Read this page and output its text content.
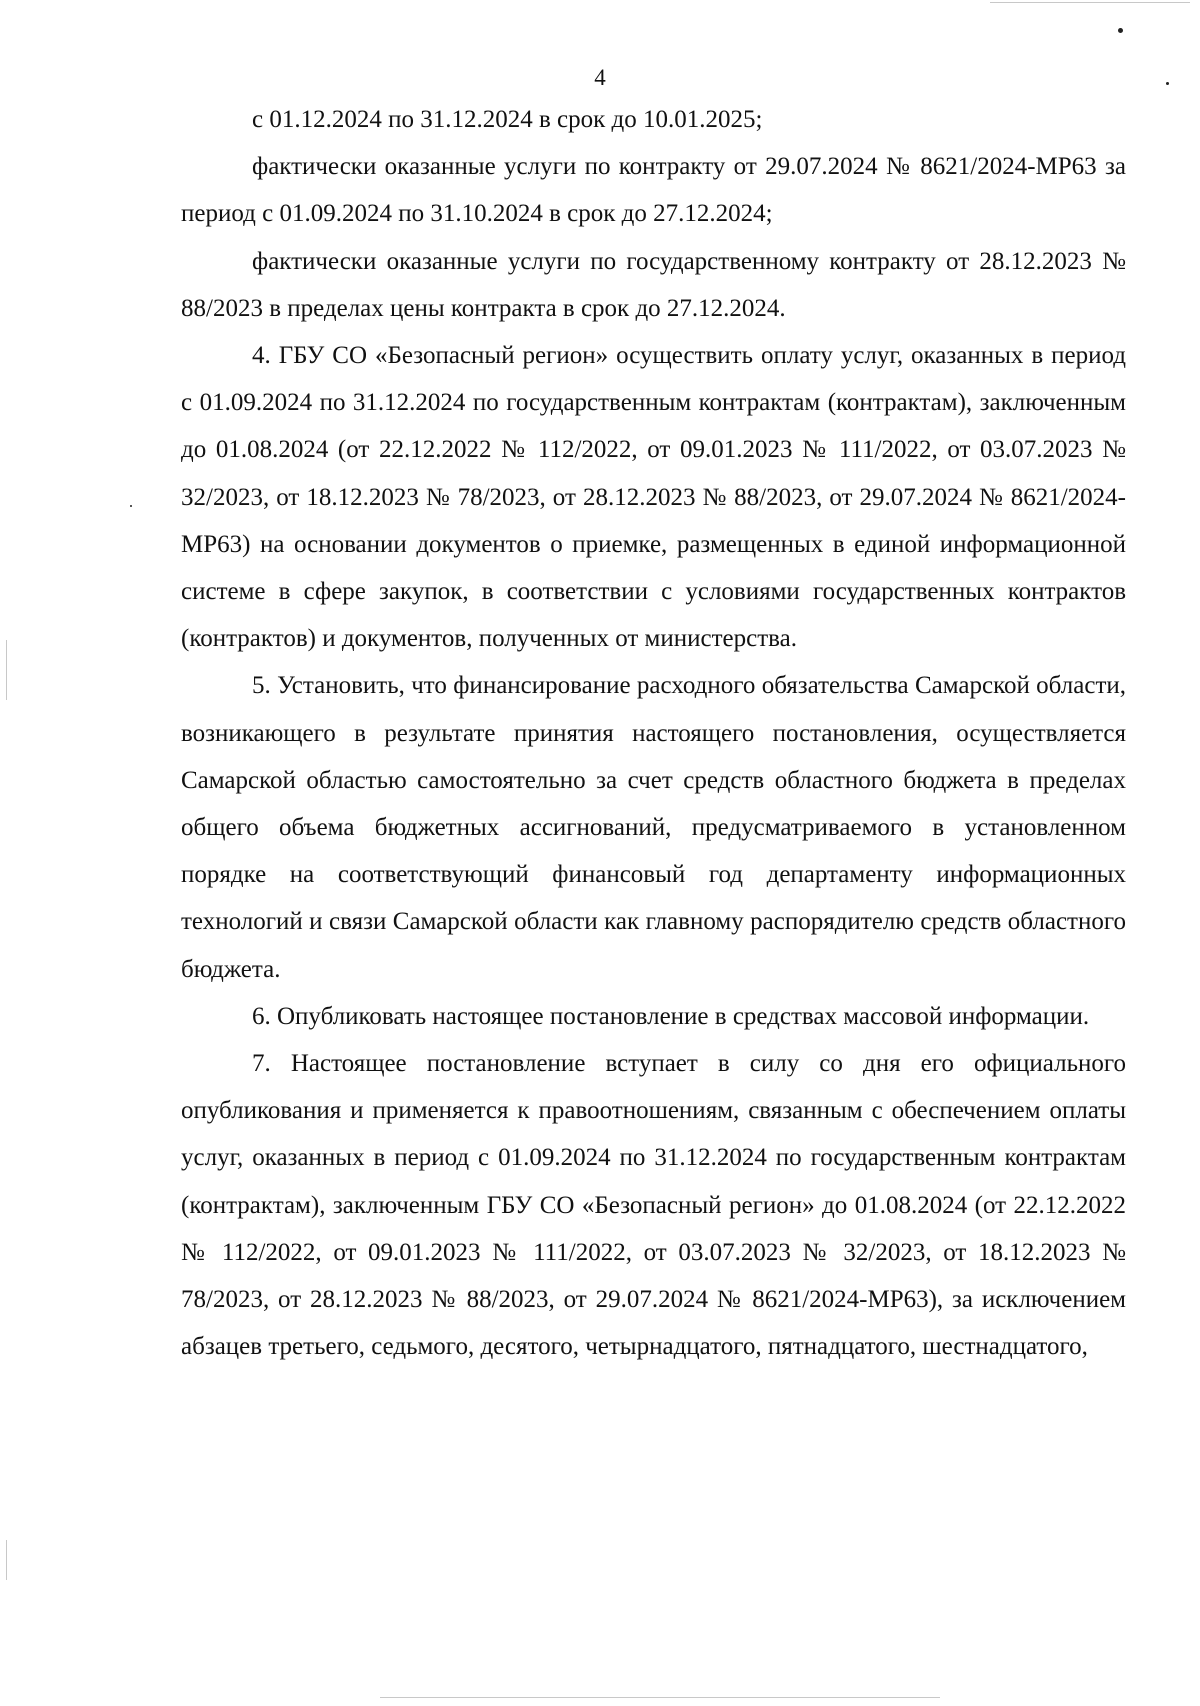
4

с 01.12.2024 по 31.12.2024 в срок до 10.01.2025;

фактически оказанные услуги по контракту от 29.07.2024 № 8621/2024-МР63 за период с 01.09.2024 по 31.10.2024 в срок до 27.12.2024;

фактически оказанные услуги по государственному контракту от 28.12.2023 № 88/2023 в пределах цены контракта в срок до 27.12.2024.

4. ГБУ СО «Безопасный регион» осуществить оплату услуг, оказанных в период с 01.09.2024 по 31.12.2024 по государственным контрактам (контрактам), заключенным до 01.08.2024 (от 22.12.2022 № 112/2022, от 09.01.2023 № 111/2022, от 03.07.2023 № 32/2023, от 18.12.2023 № 78/2023, от 28.12.2023 № 88/2023, от 29.07.2024 № 8621/2024-МР63) на основании документов о приемке, размещенных в единой информационной системе в сфере закупок, в соответствии с условиями государственных контрактов (контрактов) и документов, полученных от министерства.

5. Установить, что финансирование расходного обязательства Самарской области, возникающего в результате принятия настоящего постановления, осуществляется Самарской областью самостоятельно за счет средств областного бюджета в пределах общего объема бюджетных ассигнований, предусматриваемого в установленном порядке на соответствующий финансовый год департаменту информационных технологий и связи Самарской области как главному распорядителю средств областного бюджета.

6. Опубликовать настоящее постановление в средствах массовой информации.

7. Настоящее постановление вступает в силу со дня его официального опубликования и применяется к правоотношениям, связанным с обеспечением оплаты услуг, оказанных в период с 01.09.2024 по 31.12.2024 по государственным контрактам (контрактам), заключенным ГБУ СО «Безопасный регион» до 01.08.2024 (от 22.12.2022 № 112/2022, от 09.01.2023 № 111/2022, от 03.07.2023 № 32/2023, от 18.12.2023 № 78/2023, от 28.12.2023 № 88/2023, от 29.07.2024 № 8621/2024-МР63), за исключением абзацев третьего, седьмого, десятого, четырнадцатого, пятнадцатого, шестнадцатого,
